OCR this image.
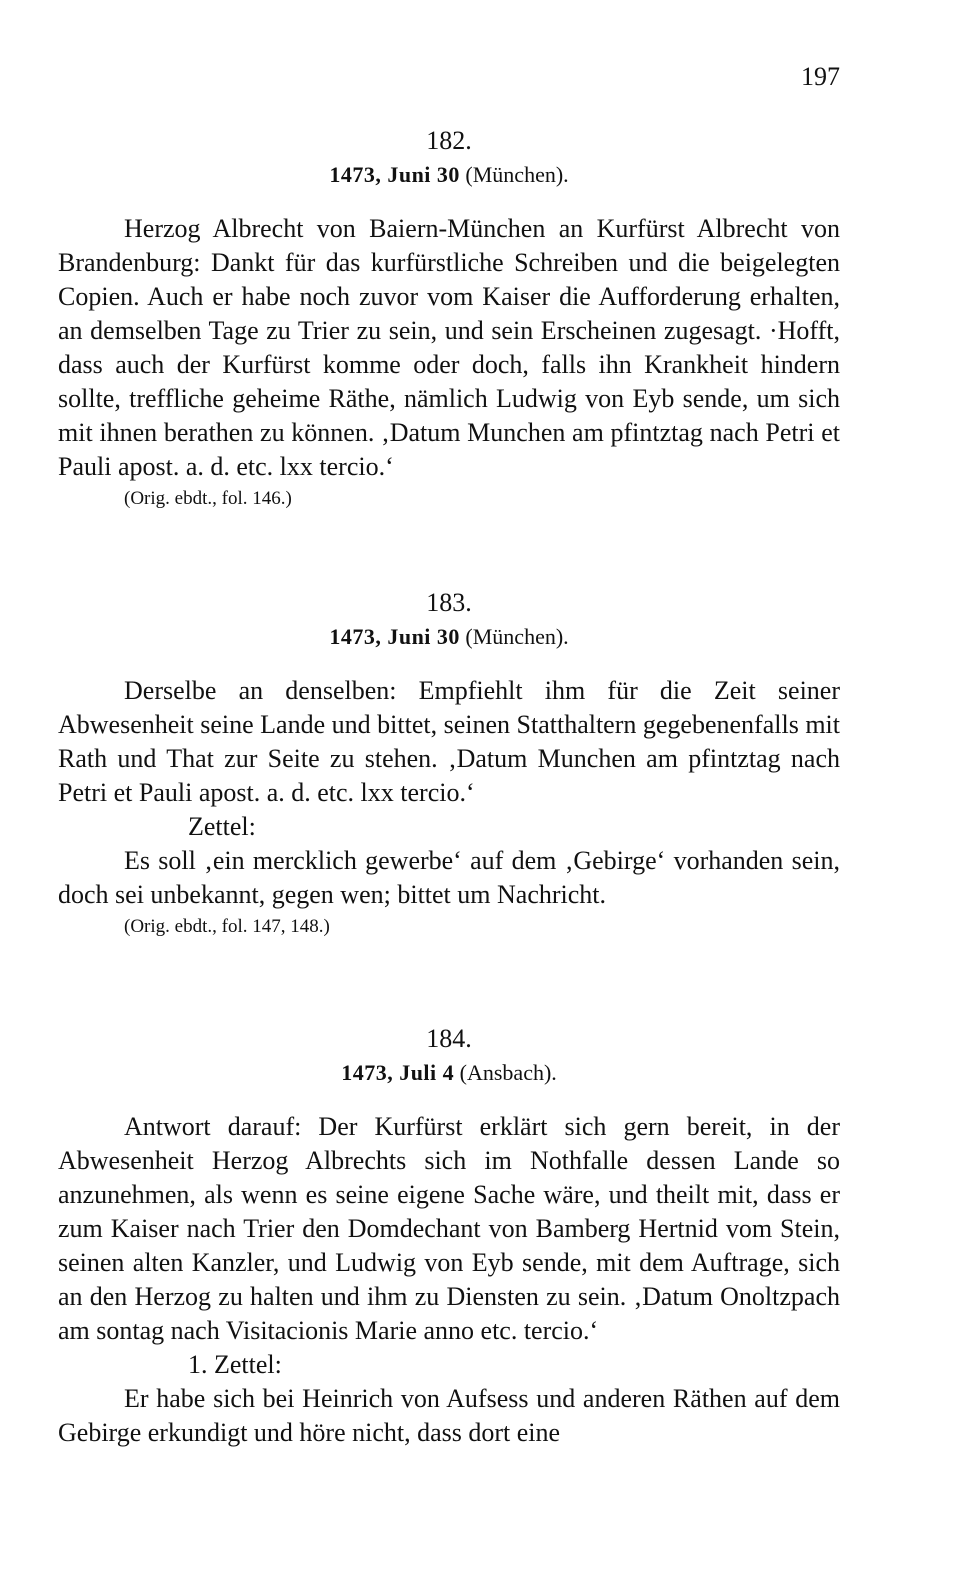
197
182.
1473, Juni 30 (München).

Herzog Albrecht von Baiern-München an Kurfürst Albrecht von Brandenburg: Dankt für das kurfürstliche Schreiben und die beigelegten Copien. Auch er habe noch zuvor vom Kaiser die Aufforderung erhalten, an demselben Tage zu Trier zu sein, und sein Erscheinen zugesagt. ·Hofft, dass auch der Kurfürst komme oder doch, falls ihn Krankheit hindern sollte, treffliche geheime Räthe, nämlich Ludwig von Eyb sende, um sich mit ihnen berathen zu können. ‚Datum Munchen am pfintztag nach Petri et Pauli apost. a. d. etc. lxx tercio.‘

(Orig. ebdt., fol. 146.)
183.
1473, Juni 30 (München).

Derselbe an denselben: Empfiehlt ihm für die Zeit seiner Abwesenheit seine Lande und bittet, seinen Statthaltern gegebenenfalls mit Rath und That zur Seite zu stehen. ‚Datum Munchen am pfintztag nach Petri et Pauli apost. a. d. etc. lxx tercio.‘

Zettel:

Es soll ‚ein mercklich gewerbe‘ auf dem ‚Gebirge‘ vorhanden sein, doch sei unbekannt, gegen wen; bittet um Nachricht.

(Orig. ebdt., fol. 147, 148.)
184.
1473, Juli 4 (Ansbach).

Antwort darauf: Der Kurfürst erklärt sich gern bereit, in der Abwesenheit Herzog Albrechts sich im Nothfalle dessen Lande so anzunehmen, als wenn es seine eigene Sache wäre, und theilt mit, dass er zum Kaiser nach Trier den Domdechant von Bamberg Hertnid vom Stein, seinen alten Kanzler, und Ludwig von Eyb sende, mit dem Auftrage, sich an den Herzog zu halten und ihm zu Diensten zu sein. ‚Datum Onoltzpach am sontag nach Visitacionis Marie anno etc. tercio.‘

1. Zettel:

Er habe sich bei Heinrich von Aufsess und anderen Räthen auf dem Gebirge erkundigt und höre nicht, dass dort eine
